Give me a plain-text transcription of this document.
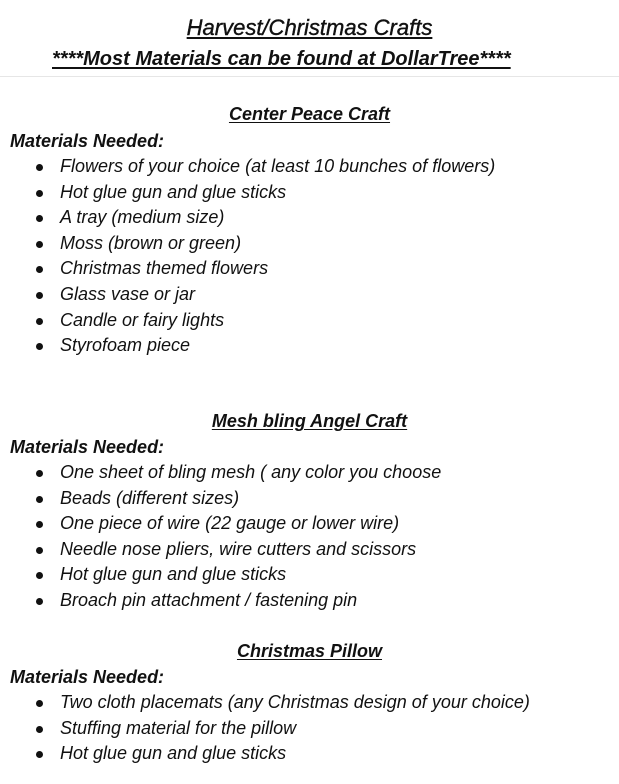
Harvest/Christmas Crafts
****Most Materials can be found at DollarTree****
Center Peace Craft
Materials Needed:
Flowers of your choice (at least 10 bunches of flowers)
Hot glue gun and glue sticks
A tray (medium size)
Moss (brown or green)
Christmas themed flowers
Glass vase or jar
Candle or fairy lights
Styrofoam piece
Mesh bling Angel Craft
Materials Needed:
One sheet of bling mesh ( any color you choose
Beads (different sizes)
One piece of wire (22 gauge or lower wire)
Needle nose pliers, wire cutters and scissors
Hot glue gun and glue sticks
Broach pin attachment / fastening pin
Christmas Pillow
Materials Needed:
Two cloth placemats (any Christmas design of your choice)
Stuffing material for the pillow
Hot glue gun and glue sticks
